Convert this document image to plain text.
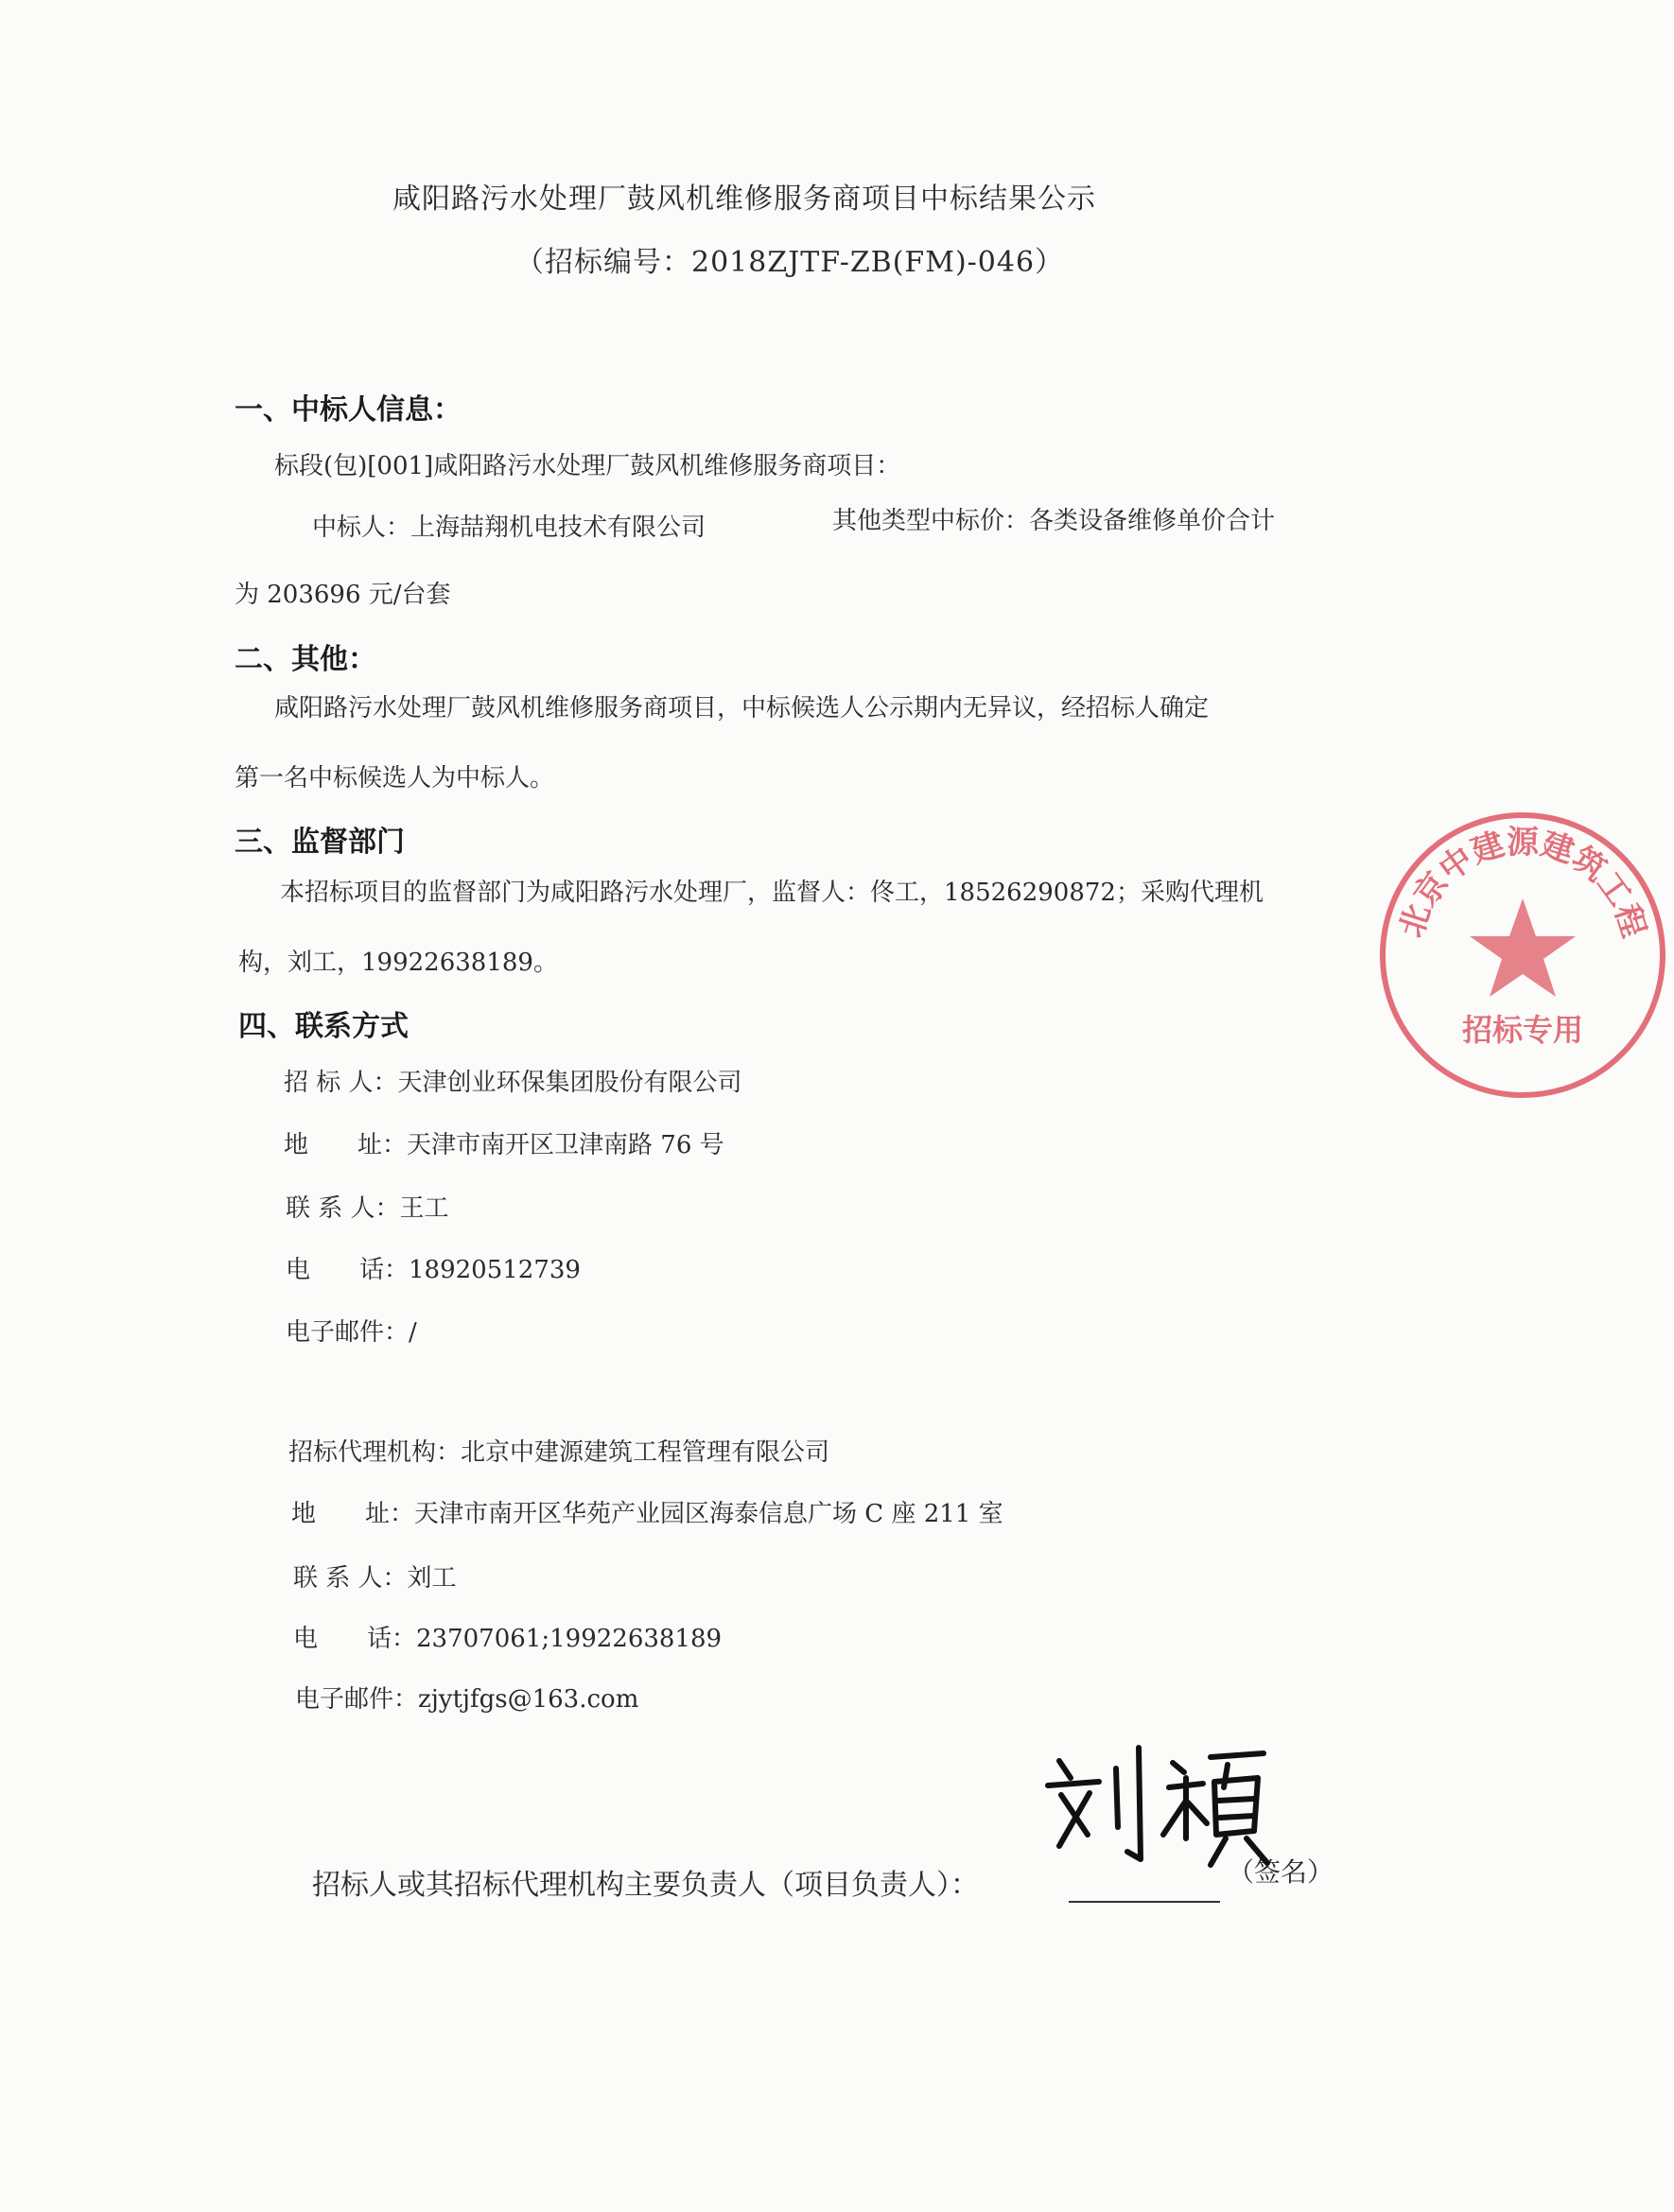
咸阳路污水处理厂鼓风机维修服务商项目中标结果公示
（招标编号：2018ZJTF-ZB(FM)-046）
一、中标人信息：
标段(包)[001]咸阳路污水处理厂鼓风机维修服务商项目：
中标人：上海喆翔机电技术有限公司	其他类型中标价：各类设备维修单价合计
为 203696 元/台套
二、其他：
咸阳路污水处理厂鼓风机维修服务商项目，中标候选人公示期内无异议，经招标人确定
第一名中标候选人为中标人。
三、监督部门
本招标项目的监督部门为咸阳路污水处理厂，监督人：佟工，18526290872；采购代理机
构，刘工，19922638189。
四、联系方式
招 标 人：天津创业环保集团股份有限公司
地　　址：天津市南开区卫津南路 76 号
联 系 人：王工
电　　话：18920512739
电子邮件：/
招标代理机构：北京中建源建筑工程管理有限公司
地　　址：天津市南开区华苑产业园区海泰信息广场 C 座 211 室
联 系 人：刘工
电　　话：23707061;19922638189
电子邮件：zjytjfgs@163.com
招标人或其招标代理机构主要负责人（项目负责人）：	（签名）
北京中建源建筑工程
招标专用
